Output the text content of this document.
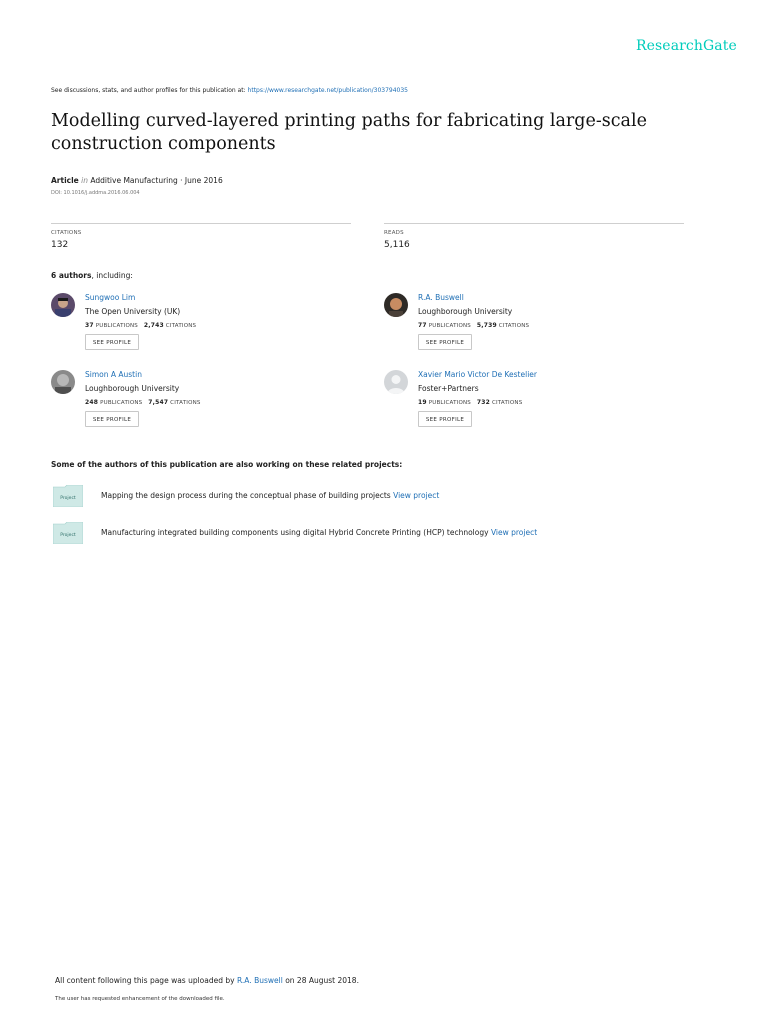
ResearchGate
See discussions, stats, and author profiles for this publication at: https://www.researchgate.net/publication/303794035
Modelling curved-layered printing paths for fabricating large-scale construction components
Article in Additive Manufacturing · June 2016
DOI: 10.1016/j.addma.2016.06.004
CITATIONS
132
READS
5,116
6 authors, including:
Sungwoo Lim
The Open University (UK)
37 PUBLICATIONS 2,743 CITATIONS
SEE PROFILE
R.A. Buswell
Loughborough University
77 PUBLICATIONS 5,739 CITATIONS
SEE PROFILE
Simon A Austin
Loughborough University
248 PUBLICATIONS 7,547 CITATIONS
SEE PROFILE
Xavier Mario Victor De Kestelier
Foster+Partners
19 PUBLICATIONS 732 CITATIONS
SEE PROFILE
Some of the authors of this publication are also working on these related projects:
Project	Mapping the design process during the conceptual phase of building projects View project
Project	Manufacturing integrated building components using digital Hybrid Concrete Printing (HCP) technology View project
All content following this page was uploaded by R.A. Buswell on 28 August 2018.
The user has requested enhancement of the downloaded file.
